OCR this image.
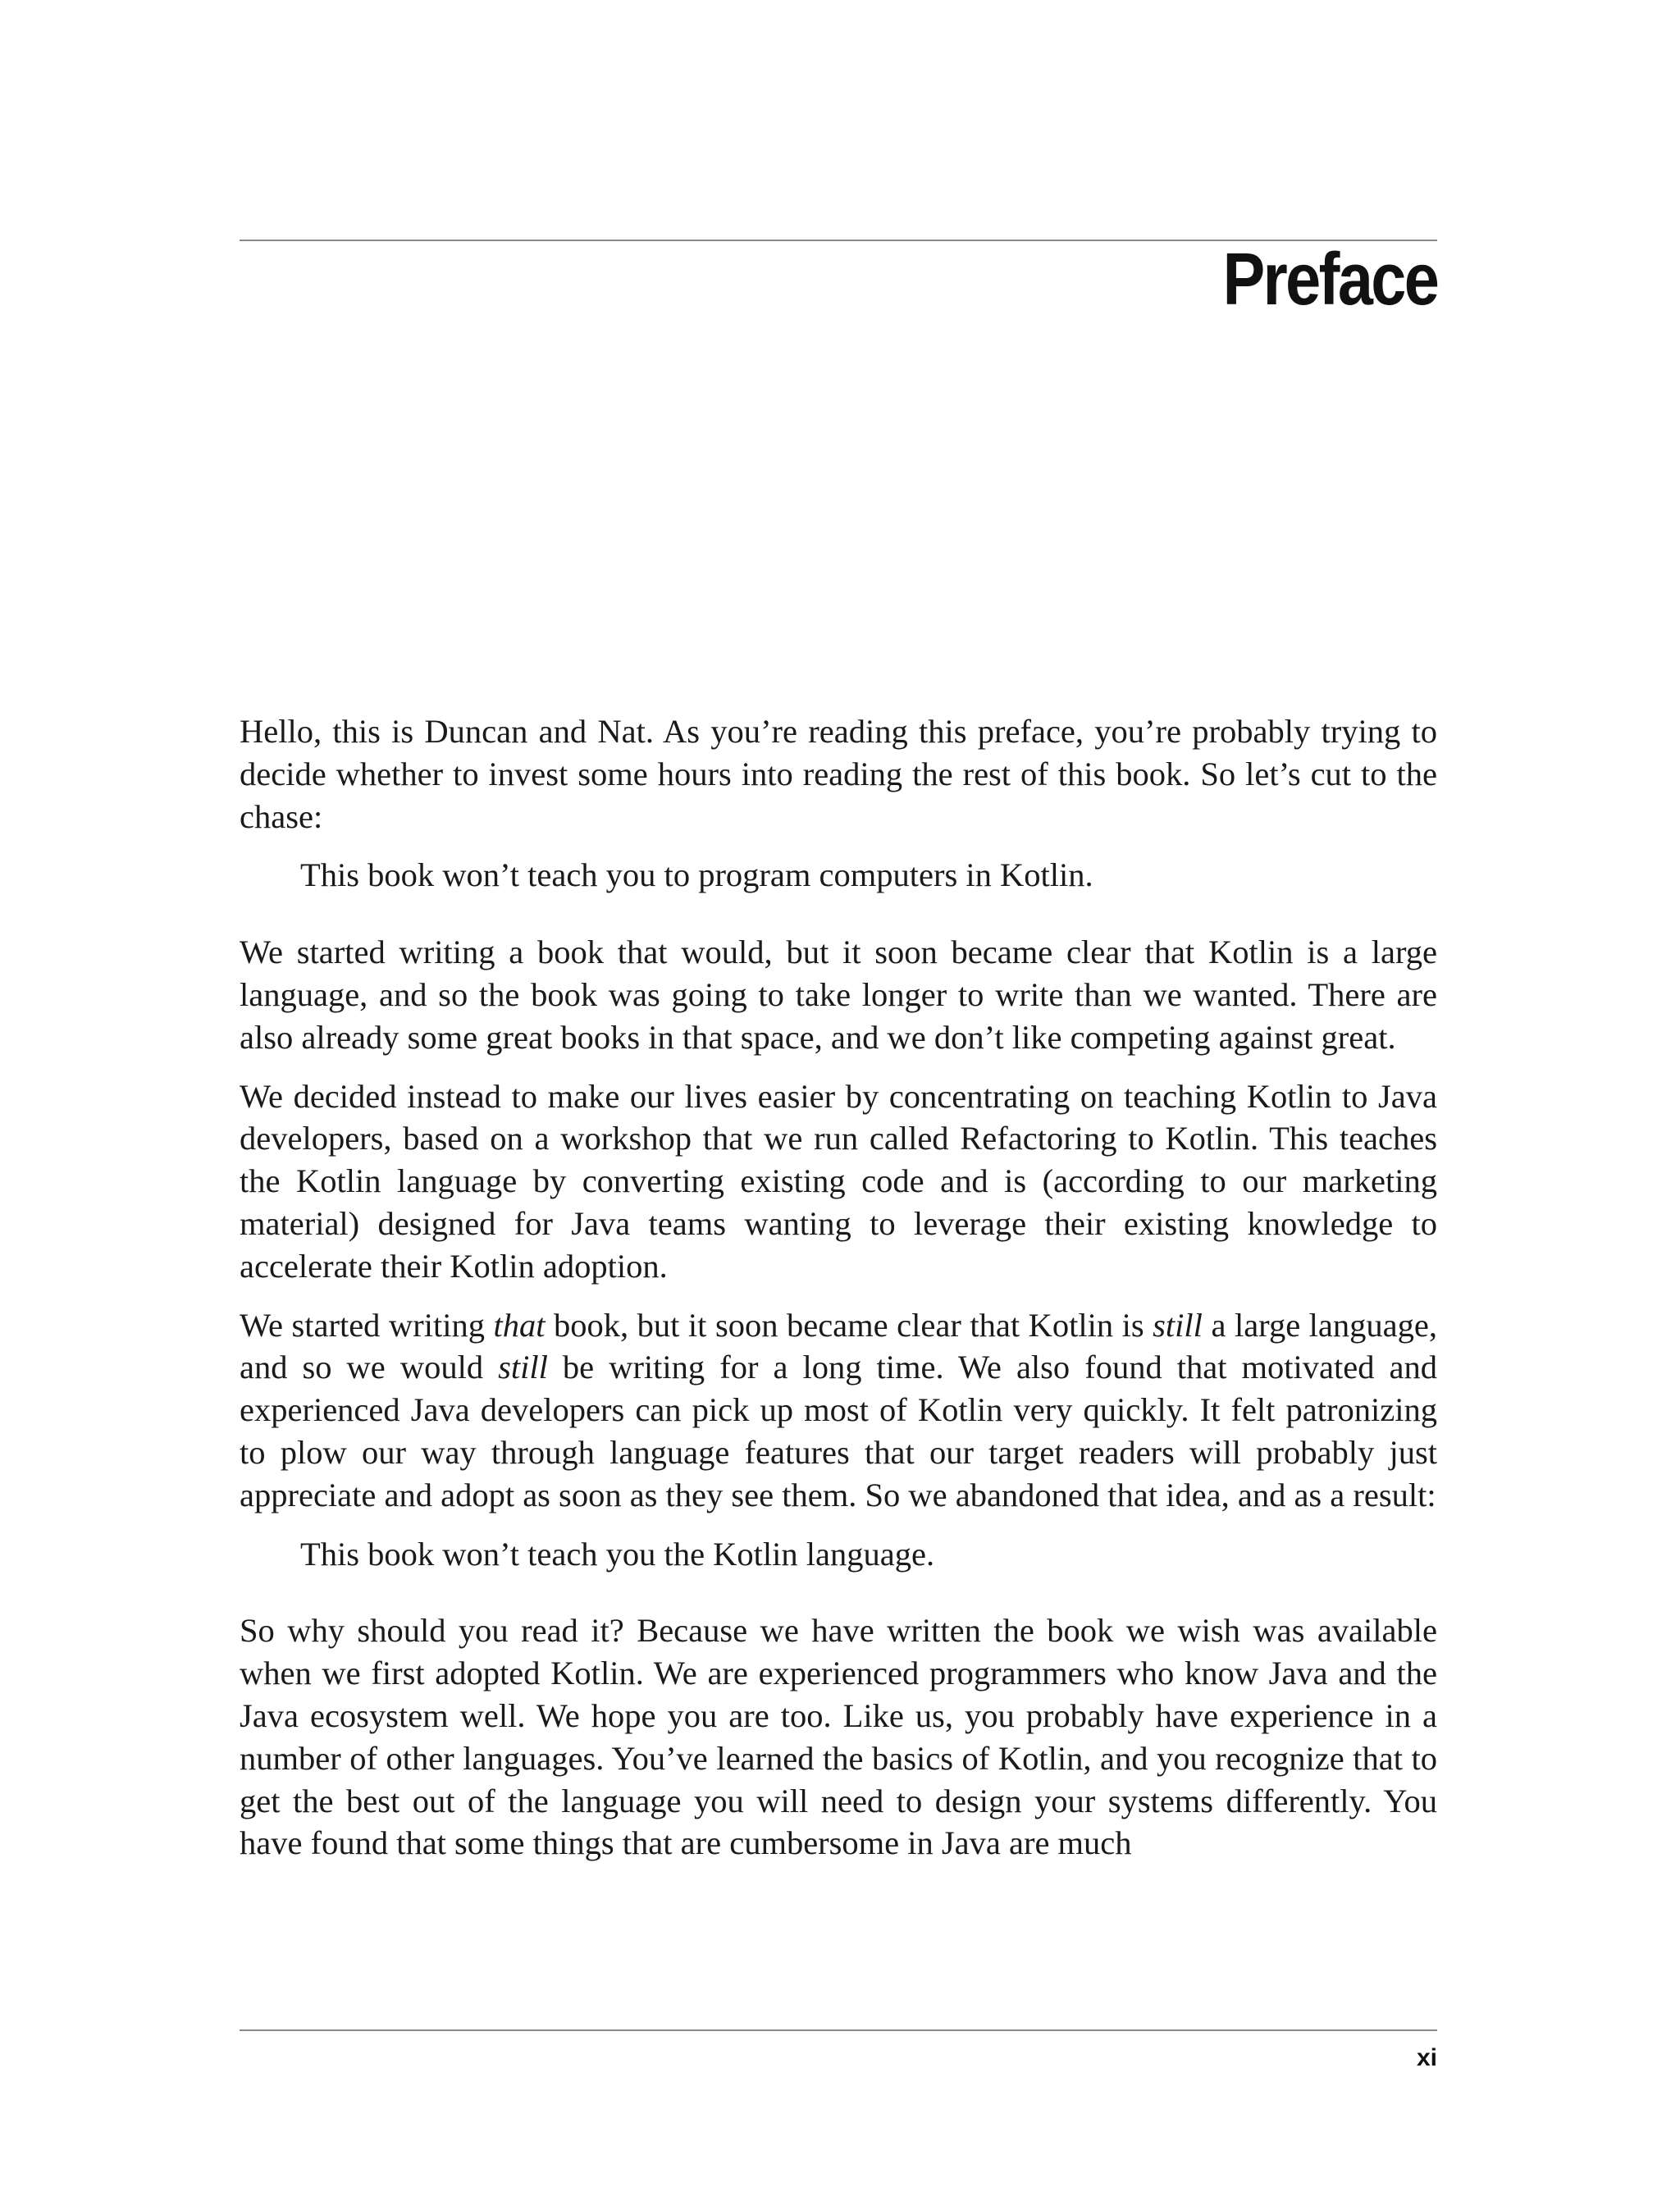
Preface

Hello, this is Duncan and Nat. As you’re reading this preface, you’re probably trying to decide whether to invest some hours into reading the rest of this book. So let’s cut to the chase:

This book won’t teach you to program computers in Kotlin.

We started writing a book that would, but it soon became clear that Kotlin is a large language, and so the book was going to take longer to write than we wanted. There are also already some great books in that space, and we don’t like competing against great.

We decided instead to make our lives easier by concentrating on teaching Kotlin to Java developers, based on a workshop that we run called Refactoring to Kotlin. This teaches the Kotlin language by converting existing code and is (according to our marketing material) designed for Java teams wanting to leverage their existing knowledge to accelerate their Kotlin adoption.

We started writing that book, but it soon became clear that Kotlin is still a large language, and so we would still be writing for a long time. We also found that motivated and experienced Java developers can pick up most of Kotlin very quickly. It felt patronizing to plow our way through language features that our target readers will probably just appreciate and adopt as soon as they see them. So we abandoned that idea, and as a result:

This book won’t teach you the Kotlin language.

So why should you read it? Because we have written the book we wish was available when we first adopted Kotlin. We are experienced programmers who know Java and the Java ecosystem well. We hope you are too. Like us, you probably have experience in a number of other languages. You’ve learned the basics of Kotlin, and you recognize that to get the best out of the language you will need to design your systems differently. You have found that some things that are cumbersome in Java are much

xi
